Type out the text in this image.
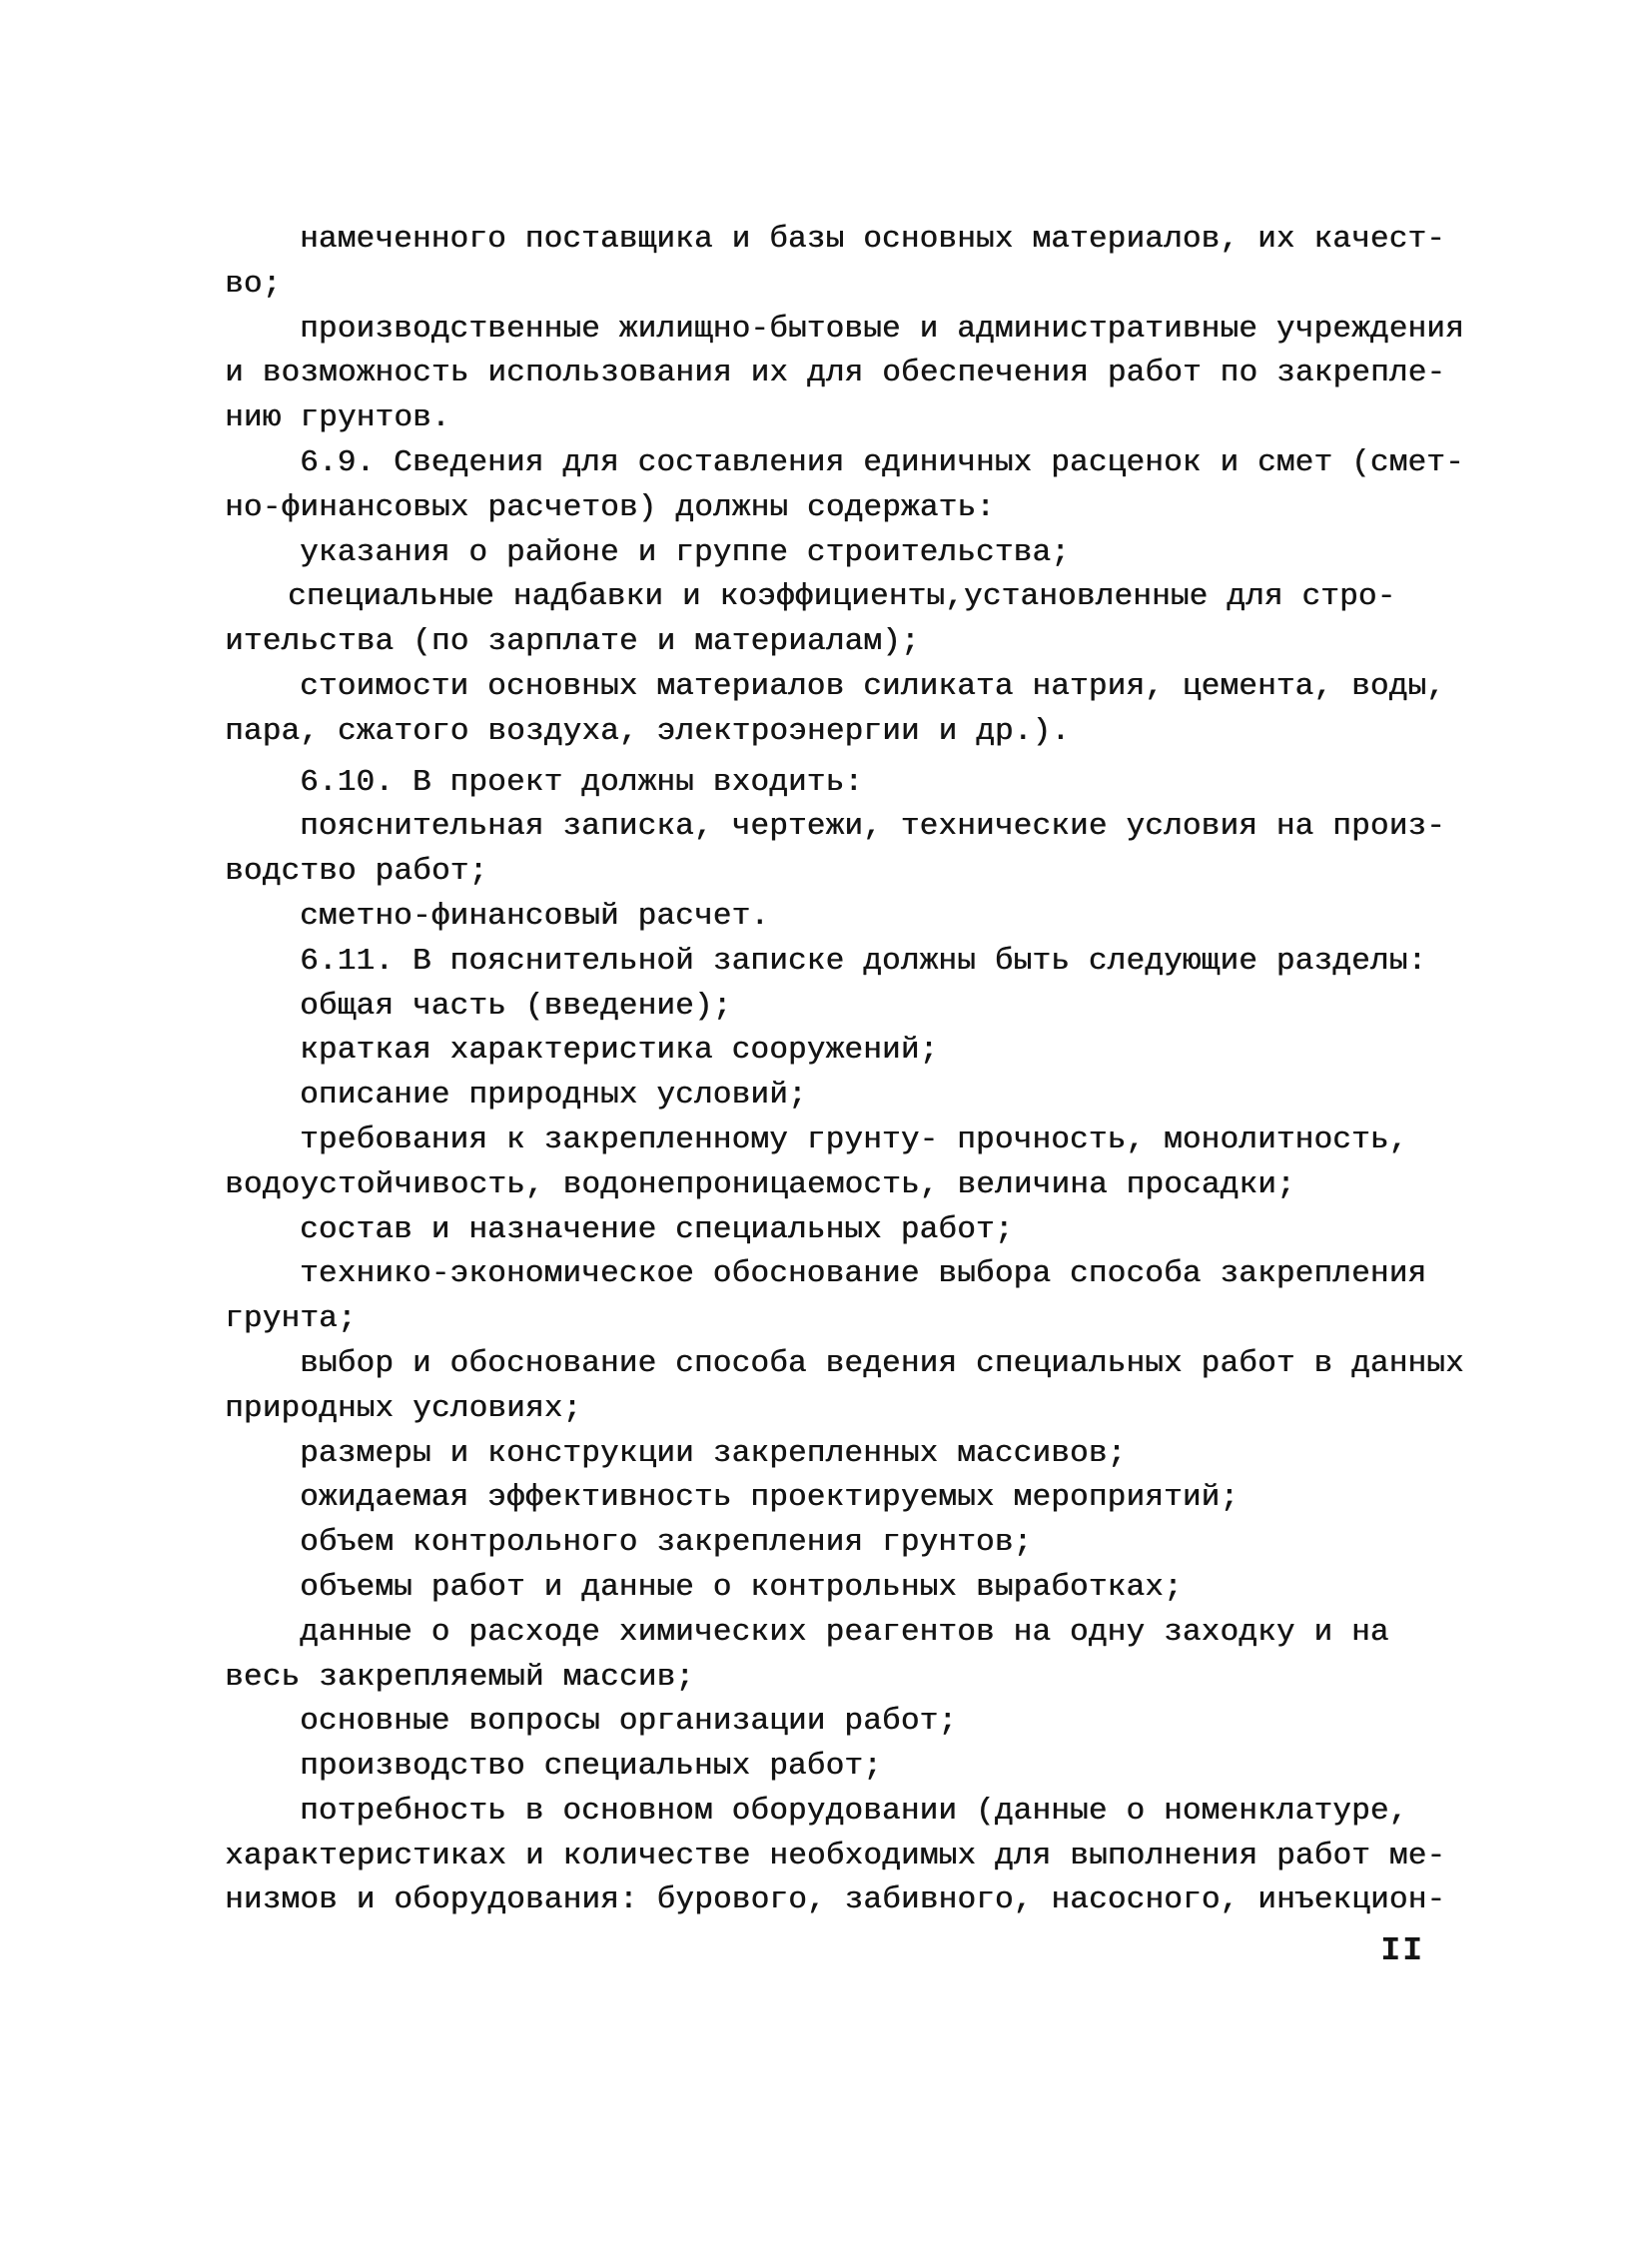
намеченного поставщика и базы основных материалов, их качест-
во;
производственные жилищно-бытовые и административные учреждения
и возможность использования их для обеспечения работ по закрепле-
нию грунтов.
6.9. Сведения для составления единичных расценок и смет (смет-
но-финансовых расчетов) должны содержать:
указания о районе и группе строительства;
специальные надбавки и коэффициенты,установленные для стро-
ительства (по зарплате и материалам);
стоимости основных материалов силиката натрия, цемента, воды,
пара, сжатого воздуха, электроэнергии и др.).
6.10. В проект должны входить:
пояснительная записка, чертежи, технические условия на произ-
водство работ;
сметно-финансовый расчет.
6.11. В пояснительной записке должны быть следующие разделы:
общая часть (введение);
краткая характеристика сооружений;
описание природных условий;
требования к закрепленному грунту- прочность, монолитность,
водоустойчивость, водонепроницаемость, величина просадки;
состав и назначение специальных работ;
технико-экономическое обоснование выбора способа закрепления
грунта;
выбор и обоснование способа ведения специальных работ в данных
природных условиях;
размеры и конструкции закрепленных массивов;
ожидаемая эффективность проектируемых мероприятий;
объем контрольного закрепления грунтов;
объемы работ и данные о контрольных выработках;
данные о расходе химических реагентов на одну заходку и на
весь закрепляемый массив;
основные вопросы организации работ;
производство специальных работ;
потребность в основном оборудовании (данные о номенклатуре,
характеристиках и количестве необходимых для выполнения работ ме-
низмов и оборудования: бурового, забивного, насосного, инъекцион-
II
